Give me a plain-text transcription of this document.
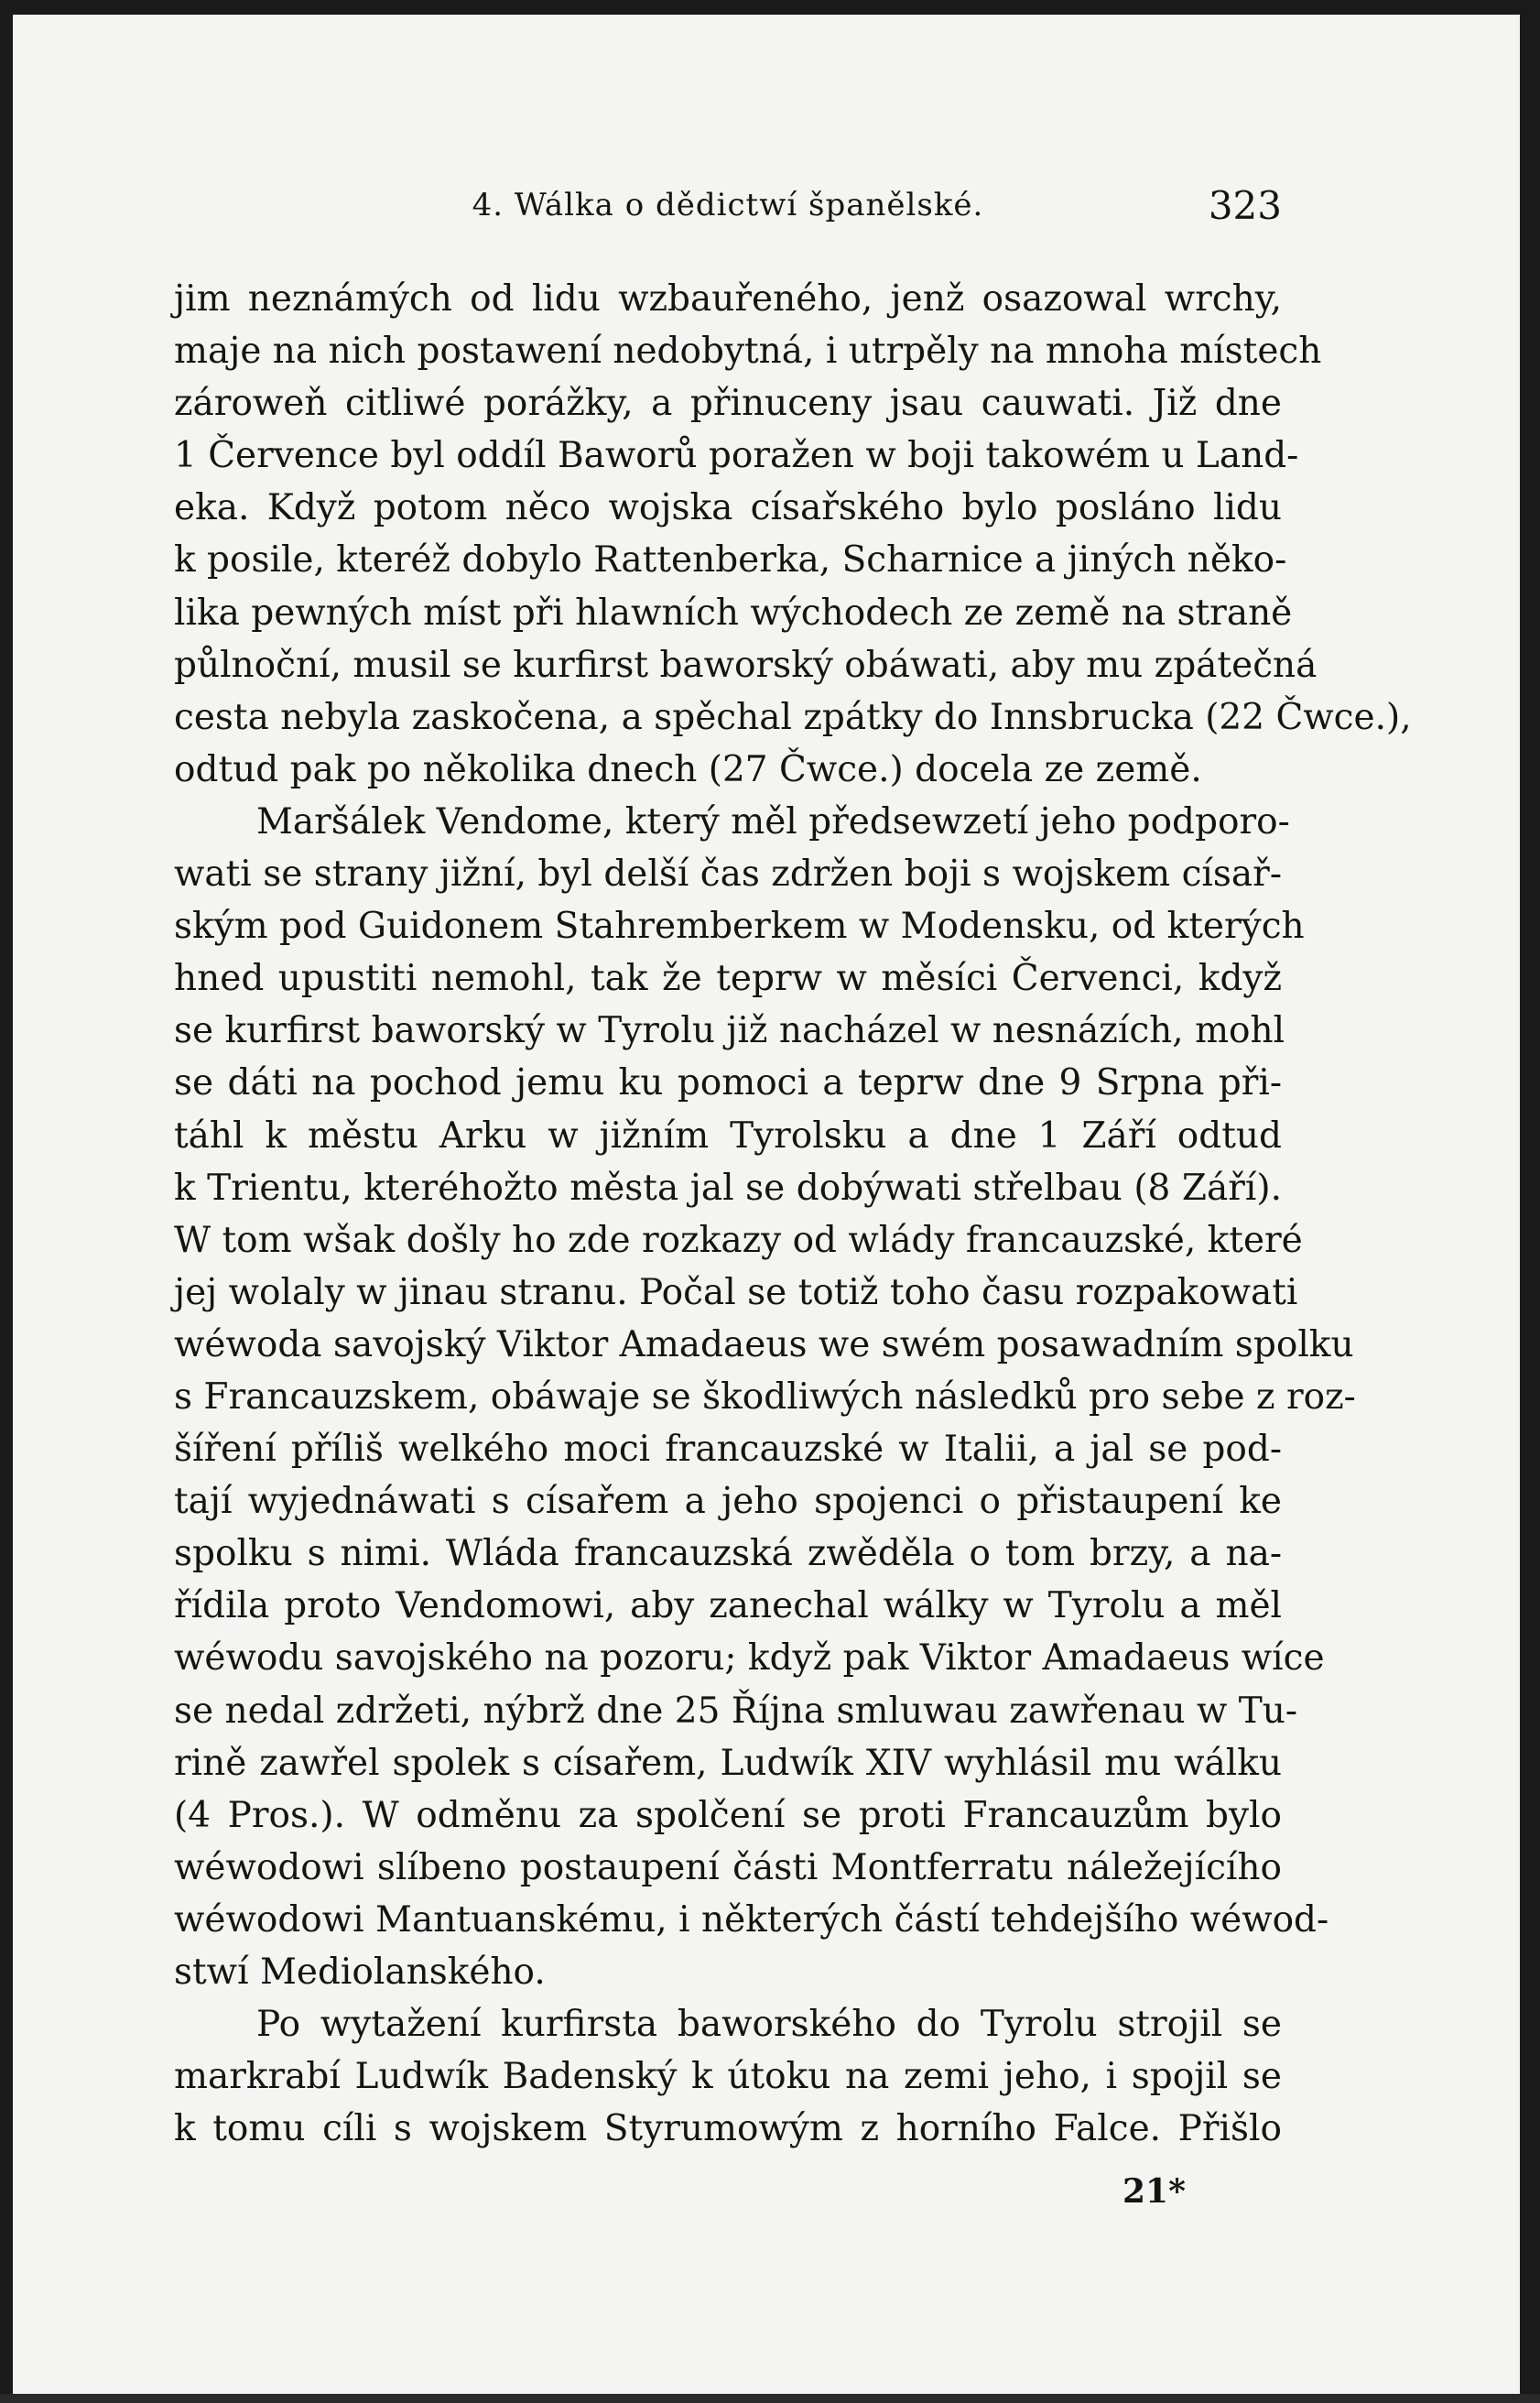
4. Wálka o dědictwí španělské.	323
jim neznámých od lidu wzbauřeného, jenž osazowal wrchy,
maje na nich postawení nedobytná, i utrpěly na mnoha místech
zároweň citliwé porážky, a přinuceny jsau cauwati. Již dne
1 Července byl oddíl Baworů poražen w boji takowém u Land-
eka. Když potom něco wojska císařského bylo posláno lidu
k posile, kteréž dobylo Rattenberka, Scharnice a jiných něko-
lika pewných míst při hlawních wýchodech ze země na straně
půlnoční, musil se kurfirst baworský obáwati, aby mu zpátečná
cesta nebyla zaskočena, a spěchal zpátky do Innsbrucka (22 Čwce.),
odtud pak po několika dnech (27 Čwce.) docela ze země.
Maršálek Vendome, který měl předsewzetí jeho podporo-
wati se strany jižní, byl delší čas zdržen boji s wojskem císař-
ským pod Guidonem Stahremberkem w Modensku, od kterých
hned upustiti nemohl, tak že teprw w měsíci Červenci, když
se kurfirst baworský w Tyrolu již nacházel w nesnázích, mohl
se dáti na pochod jemu ku pomoci a teprw dne 9 Srpna při-
táhl k městu Arku w jižním Tyrolsku a dne 1 Září odtud
k Trientu, kteréhožto města jal se dobýwati střelbau (8 Září).
W tom wšak došly ho zde rozkazy od wlády francauzské, které
jej wolaly w jinau stranu. Počal se totiž toho času rozpakowati
wéwoda savojský Viktor Amadaeus we swém posawadním spolku
s Francauzskem, obáwaje se škodliwých následků pro sebe z roz-
šíření příliš welkého moci francauzské w Italii, a jal se pod-
tají wyjednáwati s císařem a jeho spojenci o přistaupení ke
spolku s nimi. Wláda francauzská zwěděla o tom brzy, a na-
řídila proto Vendomowi, aby zanechal wálky w Tyrolu a měl
wéwodu savojského na pozoru; když pak Viktor Amadaeus wíce
se nedal zdržeti, nýbrž dne 25 Října smluwau zawřenau w Tu-
rině zawřel spolek s císařem, Ludwík XIV wyhlásil mu wálku
(4 Pros.). W odměnu za spolčení se proti Francauzům bylo
wéwodowi slíbeno postaupení části Montferratu náležejícího
wéwodowi Mantuanskému, i některých částí tehdejšího wéwod-
stwí Mediolanského.
Po wytažení kurfirsta baworského do Tyrolu strojil se
markrabí Ludwík Badenský k útoku na zemi jeho, i spojil se
k tomu cíli s wojskem Styrumowým z horního Falce. Přišlo
21*
